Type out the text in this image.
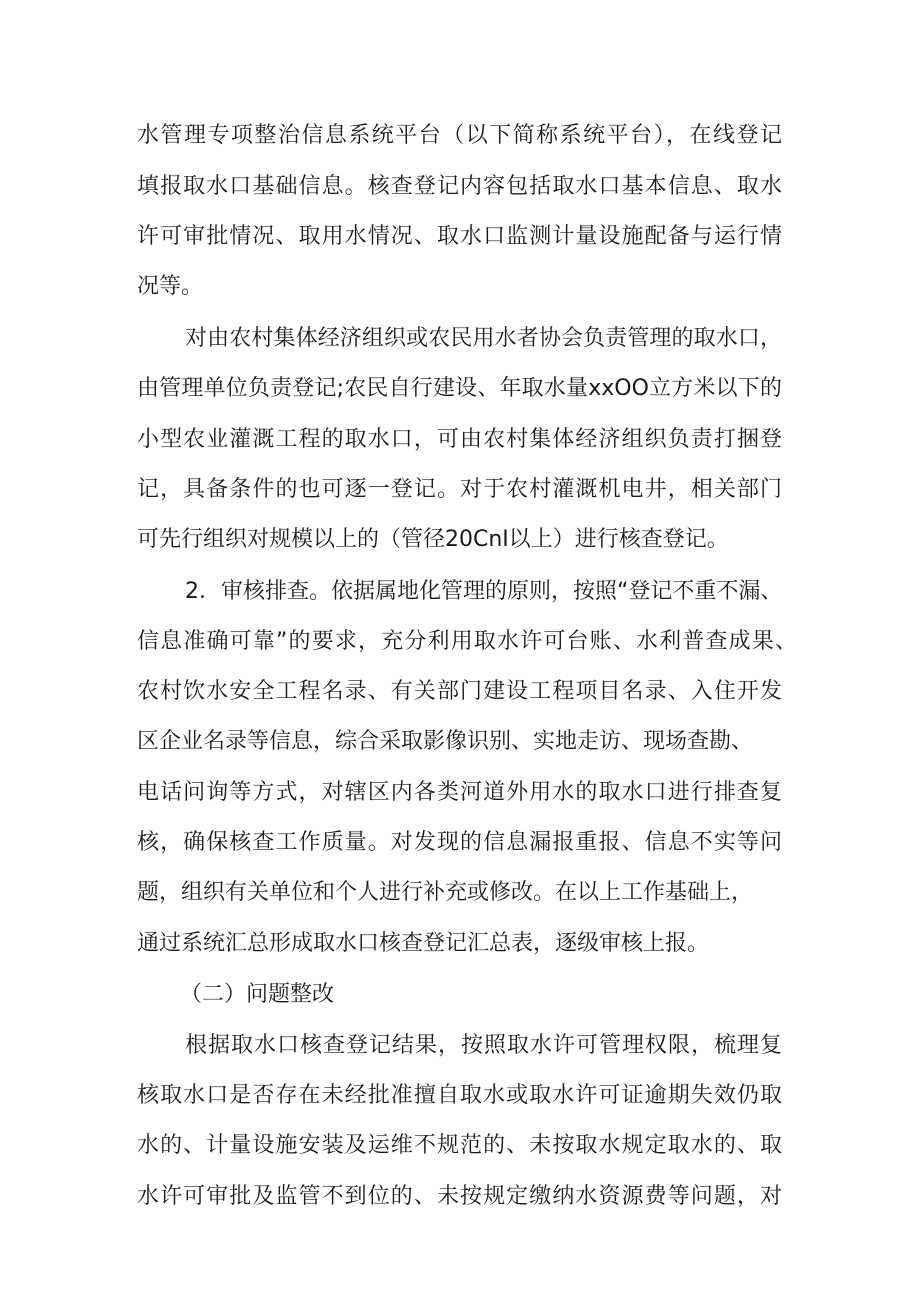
水管理专项整治信息系统平台（以下简称系统平台），在线登记
填报取水口基础信息。核查登记内容包括取水口基本信息、取水
许可审批情况、取用水情况、取水口监测计量设施配备与运行情
况等。
对由农村集体经济组织或农民用水者协会负责管理的取水口，
由管理单位负责登记;农民自行建设、年取水量xxOO立方米以下的
小型农业灌溉工程的取水口，可由农村集体经济组织负责打捆登
记，具备条件的也可逐一登记。对于农村灌溉机电井，相关部门
可先行组织对规模以上的（管径20CnI以上）进行核查登记。
2．审核排查。依据属地化管理的原则，按照“登记不重不漏、
信息准确可靠”的要求，充分利用取水许可台账、水利普查成果、
农村饮水安全工程名录、有关部门建设工程项目名录、入住开发
区企业名录等信息，综合采取影像识别、实地走访、现场查勘、
电话问询等方式，对辖区内各类河道外用水的取水口进行排查复
核，确保核查工作质量。对发现的信息漏报重报、信息不实等问
题，组织有关单位和个人进行补充或修改。在以上工作基础上，
通过系统汇总形成取水口核查登记汇总表，逐级审核上报。
（二）问题整改
根据取水口核查登记结果，按照取水许可管理权限，梳理复
核取水口是否存在未经批准擅自取水或取水许可证逾期失效仍取
水的、计量设施安装及运维不规范的、未按取水规定取水的、取
水许可审批及监管不到位的、未按规定缴纳水资源费等问题，对
